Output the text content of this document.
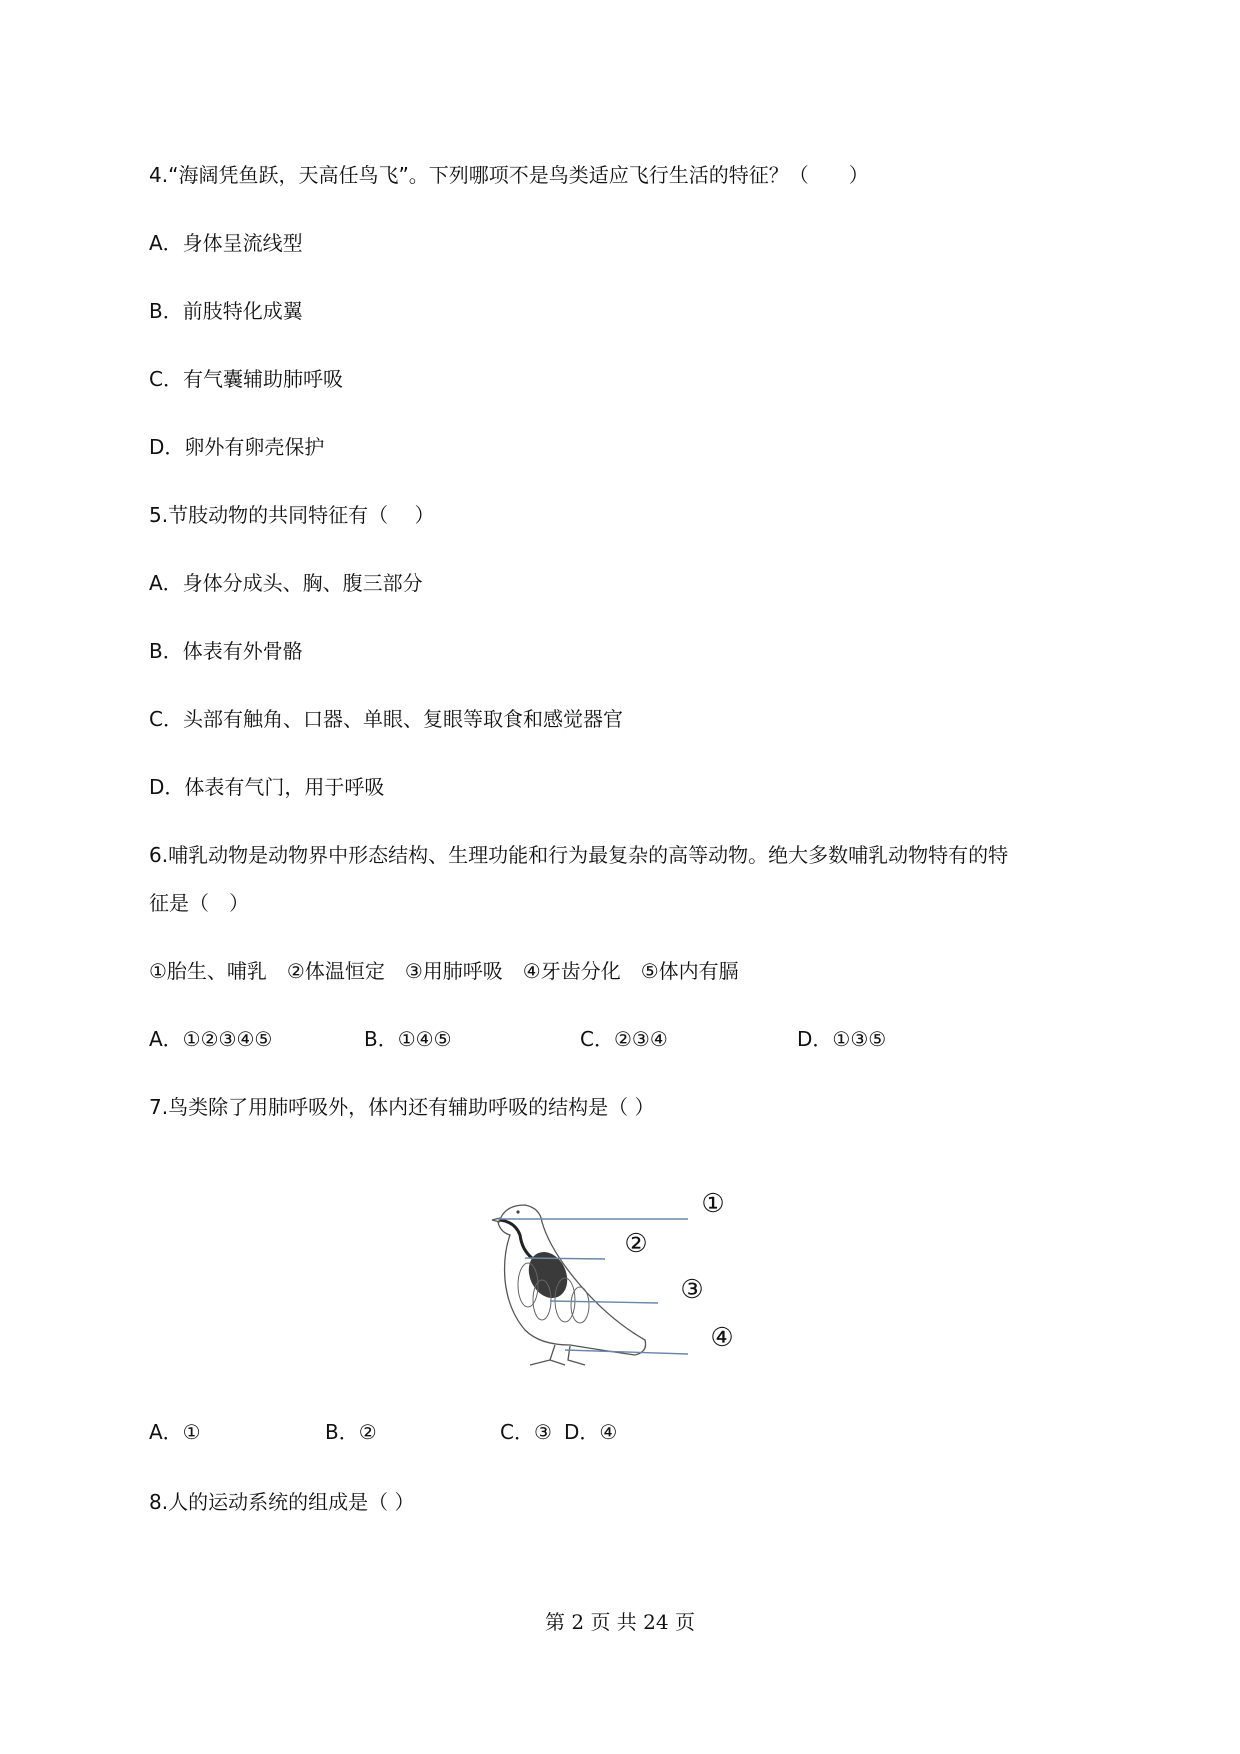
4.“海阔凭鱼跃，天高任鸟飞”。下列哪项不是鸟类适应飞行生活的特征？（　　）
A．身体呈流线型
B．前肢特化成翼
C．有气囊辅助肺呼吸
D．卵外有卵壳保护
5.节肢动物的共同特征有（　 ）
A．身体分成头、胸、腹三部分
B．体表有外骨骼
C．头部有触角、口器、单眼、复眼等取食和感觉器官
D．体表有气门，用于呼吸
6.哺乳动物是动物界中形态结构、生理功能和行为最复杂的高等动物。绝大多数哺乳动物特有的特
征是（　）
①胎生、哺乳　②体温恒定　③用肺呼吸　④牙齿分化　⑤体内有膈
A．①②③④⑤	B．①④⑤	C．②③④	D．①③⑤
7.鸟类除了用肺呼吸外，体内还有辅助呼吸的结构是（ ）
①
②
③
④
A．①	B．②	C．③ D．④
8.人的运动系统的组成是（ ）
第 2 页 共 24 页
